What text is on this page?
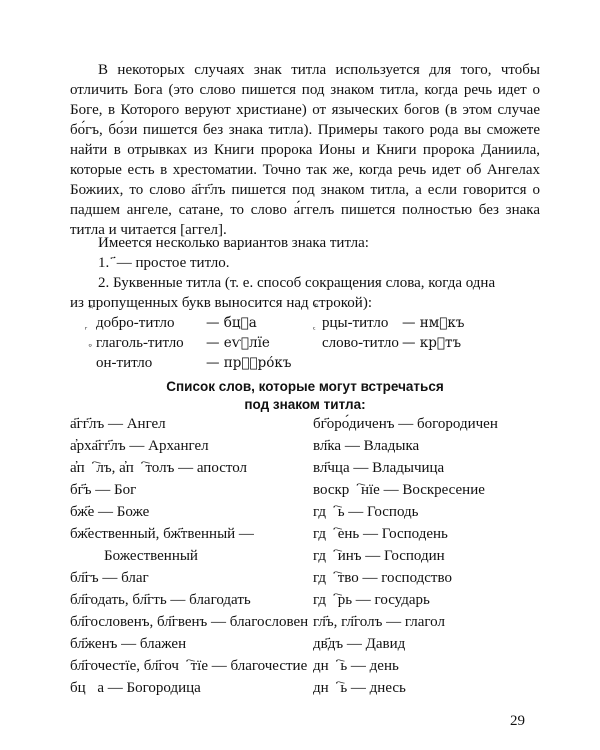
В некоторых случаях знак титла используется для того, чтобы отличить Бога (это слово пишется под знаком титла, когда речь идет о Боге, в Которого веруют христиане) от языческих богов (в этом случае бо́гъ, бо́зи пишется без знака титла). Примеры такого рода вы сможете найти в отрывках из Книги пророка Ионы и Книги пророка Даниила, которые есть в хрестоматии. Точно так же, когда речь идет об Ангелах Божиих, то слово а҃гг҃лъ пишется под знаком титла, а если говорится о падшем ангеле, сатане, то слово а́ггелъ пишется полностью без знака титла и читается [аггел].

Имеется несколько вариантов знака титла:
1. ҃ — простое титло.
2. Буквенные титла (т. е. способ сокращения слова, когда одна
из пропущенных букв выносится над строкой):
добро-титло — бцⷣа	рцы-титло — нмⷬкъ
глаголь-титло — еѵⷢлїе	слово-титло — крⷭтъ
он-титло	— прⷪ҇ро́къ
Список слов, которые могут встречаться
под знаком титла:
а҃гг҃лъ — Ангел
а҆рха҃гг҃лъ — Архангел
а҆пⷭ҇лъ, а҆пⷭ҇толъ — апостол
бг҃ъ — Бог
бж҃е — Боже
бж҃ественный, бж҃твенный —
Божественный
бл҃гъ — благ
бл҃годать, бл҃гть — благодать
бл҃гословенъ, бл҃гвенъ — благословен
бл҃женъ — блажен
бл҃гочестїе, бл҃гочⷭ҇тїе — благочестие
бцⷣа — Богородица
бг҃оро́диченъ — богородичен
вл҃ка — Владыка
вл҃чца — Владычица
воскрⷭ҇нїе — Воскресение
гдⷭ҇ь — Господь
гдⷭ҇ень — Господень
гдⷭ҇инъ — Господин
гдⷭ҇тво — господство
гдⷭ҇рь — государь
гл҃ъ, гл҃голъ — глагол
дв҃дъ — Давид
днⷭ҇ь — день
днⷭ҇ь — днесь
29
